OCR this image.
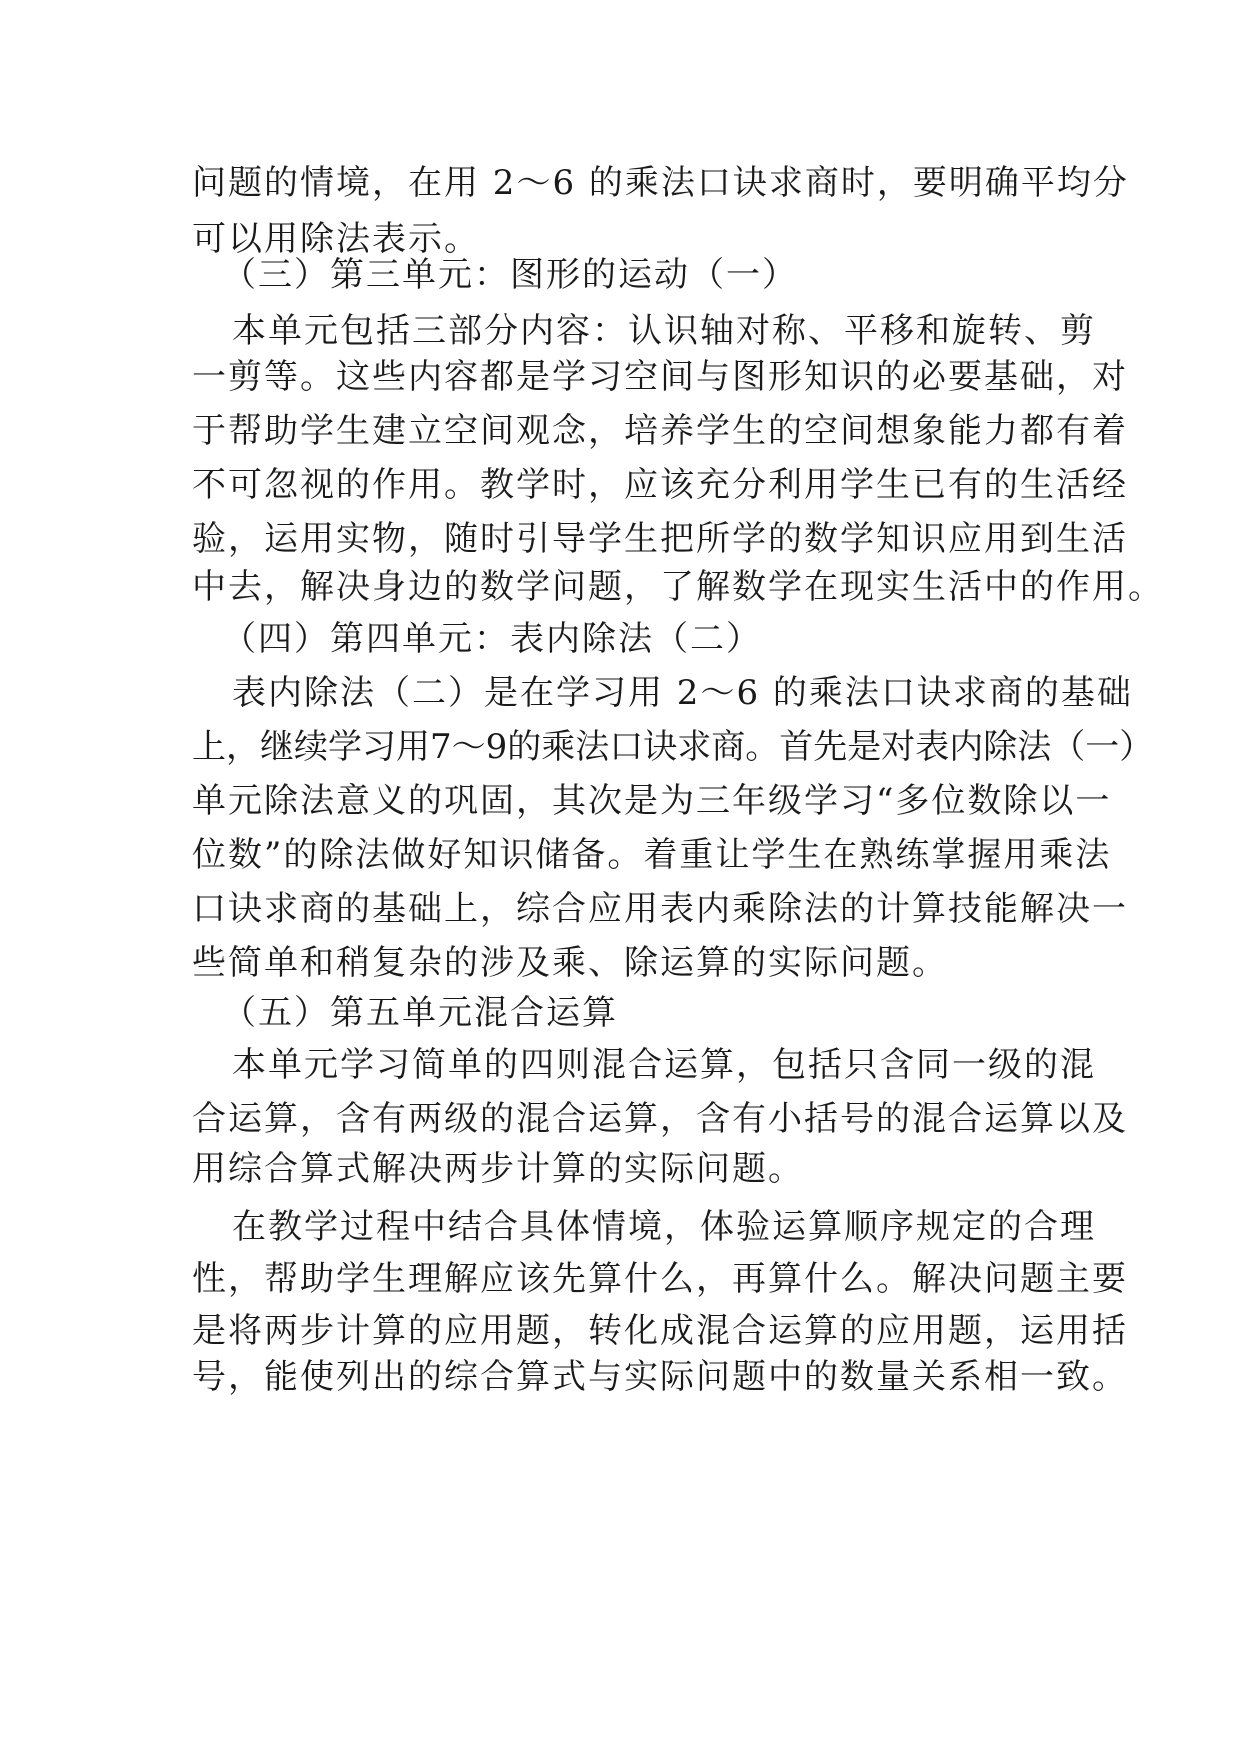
问题的情境，在用 2～6 的乘法口诀求商时，要明确平均分
可以用除法表示。
（三）第三单元：图形的运动（一）
本单元包括三部分内容：认识轴对称、平移和旋转、剪
一剪等。这些内容都是学习空间与图形知识的必要基础，对
于帮助学生建立空间观念，培养学生的空间想象能力都有着
不可忽视的作用。教学时，应该充分利用学生已有的生活经
验，运用实物，随时引导学生把所学的数学知识应用到生活
中去，解决身边的数学问题，了解数学在现实生活中的作用。
（四）第四单元：表内除法（二）
表内除法（二）是在学习用 2～6 的乘法口诀求商的基础
上，继续学习用7～9的乘法口诀求商。首先是对表内除法（一）
单元除法意义的巩固，其次是为三年级学习“多位数除以一
位数”的除法做好知识储备。着重让学生在熟练掌握用乘法
口诀求商的基础上，综合应用表内乘除法的计算技能解决一
些简单和稍复杂的涉及乘、除运算的实际问题。
（五）第五单元混合运算
本单元学习简单的四则混合运算，包括只含同一级的混
合运算，含有两级的混合运算，含有小括号的混合运算以及
用综合算式解决两步计算的实际问题。
在教学过程中结合具体情境，体验运算顺序规定的合理
性，帮助学生理解应该先算什么，再算什么。解决问题主要
是将两步计算的应用题，转化成混合运算的应用题，运用括
号，能使列出的综合算式与实际问题中的数量关系相一致。
